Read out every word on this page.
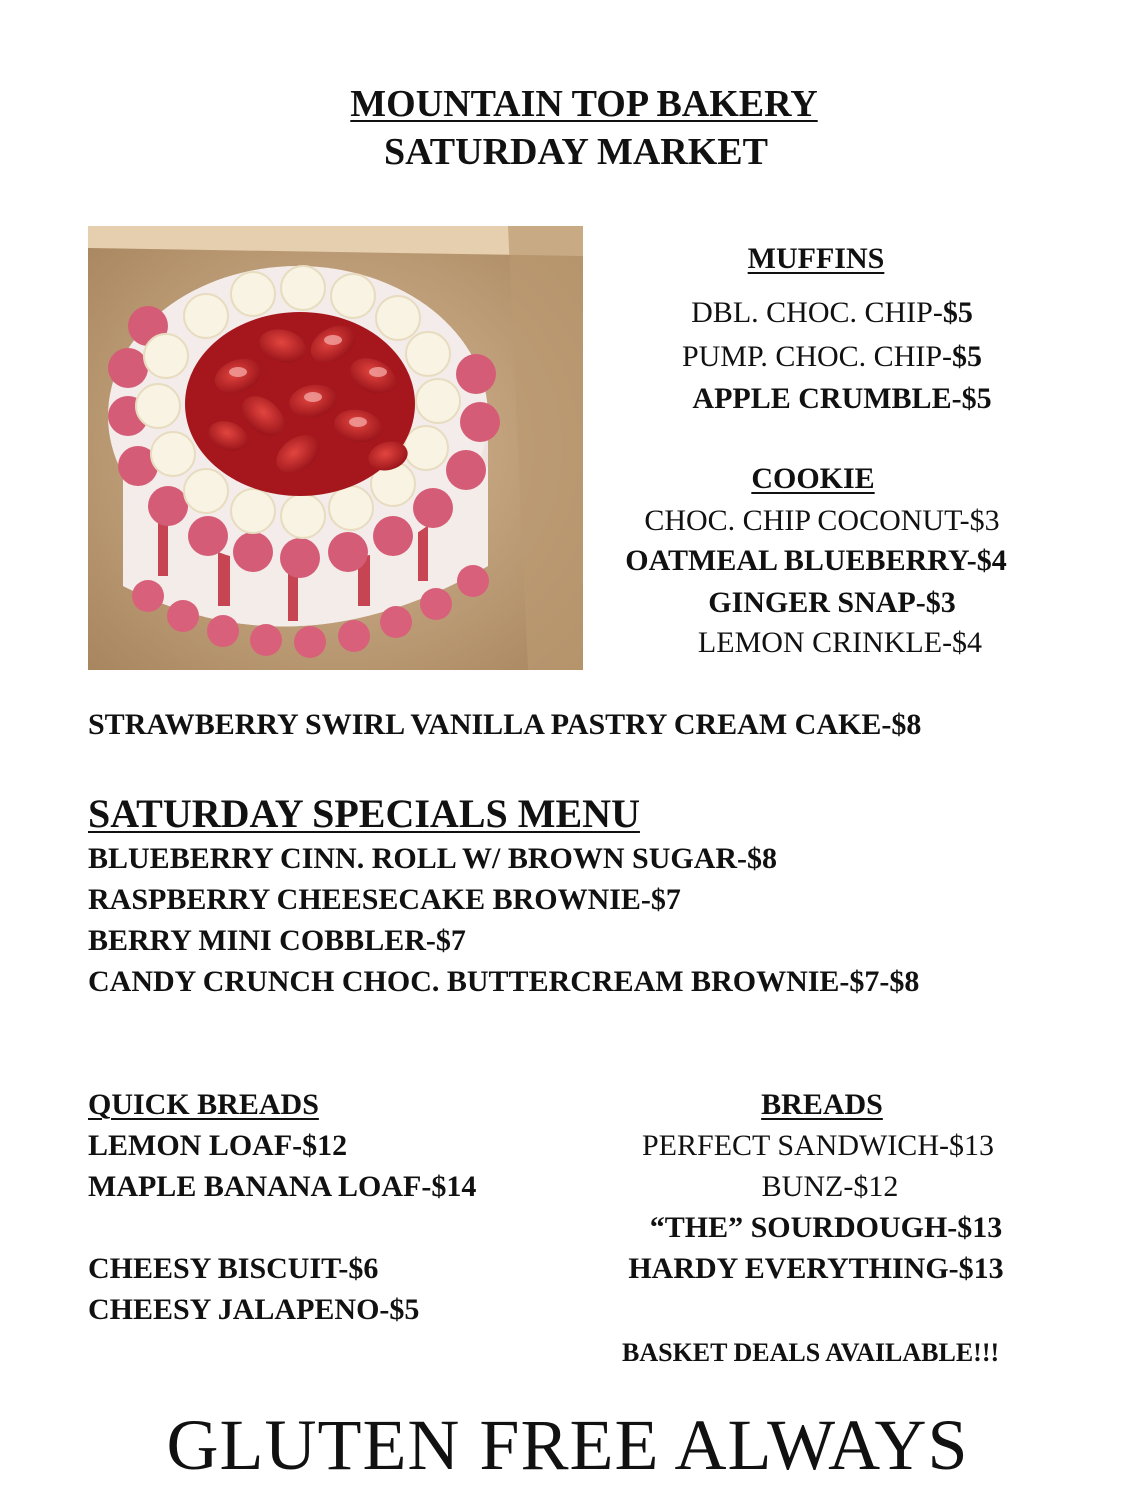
MOUNTAIN TOP BAKERY
SATURDAY MARKET
MUFFINS
DBL. CHOC. CHIP-$5
PUMP. CHOC. CHIP-$5
APPLE CRUMBLE-$5
COOKIE
CHOC. CHIP COCONUT-$3
OATMEAL BLUEBERRY-$4
GINGER SNAP-$3
LEMON CRINKLE-$4
STRAWBERRY SWIRL VANILLA PASTRY CREAM CAKE-$8
SATURDAY SPECIALS MENU
BLUEBERRY CINN. ROLL W/ BROWN SUGAR-$8
RASPBERRY CHEESECAKE BROWNIE-$7
BERRY MINI COBBLER-$7
CANDY CRUNCH CHOC. BUTTERCREAM BROWNIE-$7-$8
QUICK BREADS
LEMON LOAF-$12
MAPLE BANANA LOAF-$14
CHEESY BISCUIT-$6
CHEESY JALAPENO-$5
BREADS
PERFECT SANDWICH-$13
BUNZ-$12
“THE” SOURDOUGH-$13
HARDY EVERYTHING-$13
BASKET DEALS AVAILABLE!!!
GLUTEN FREE ALWAYS
